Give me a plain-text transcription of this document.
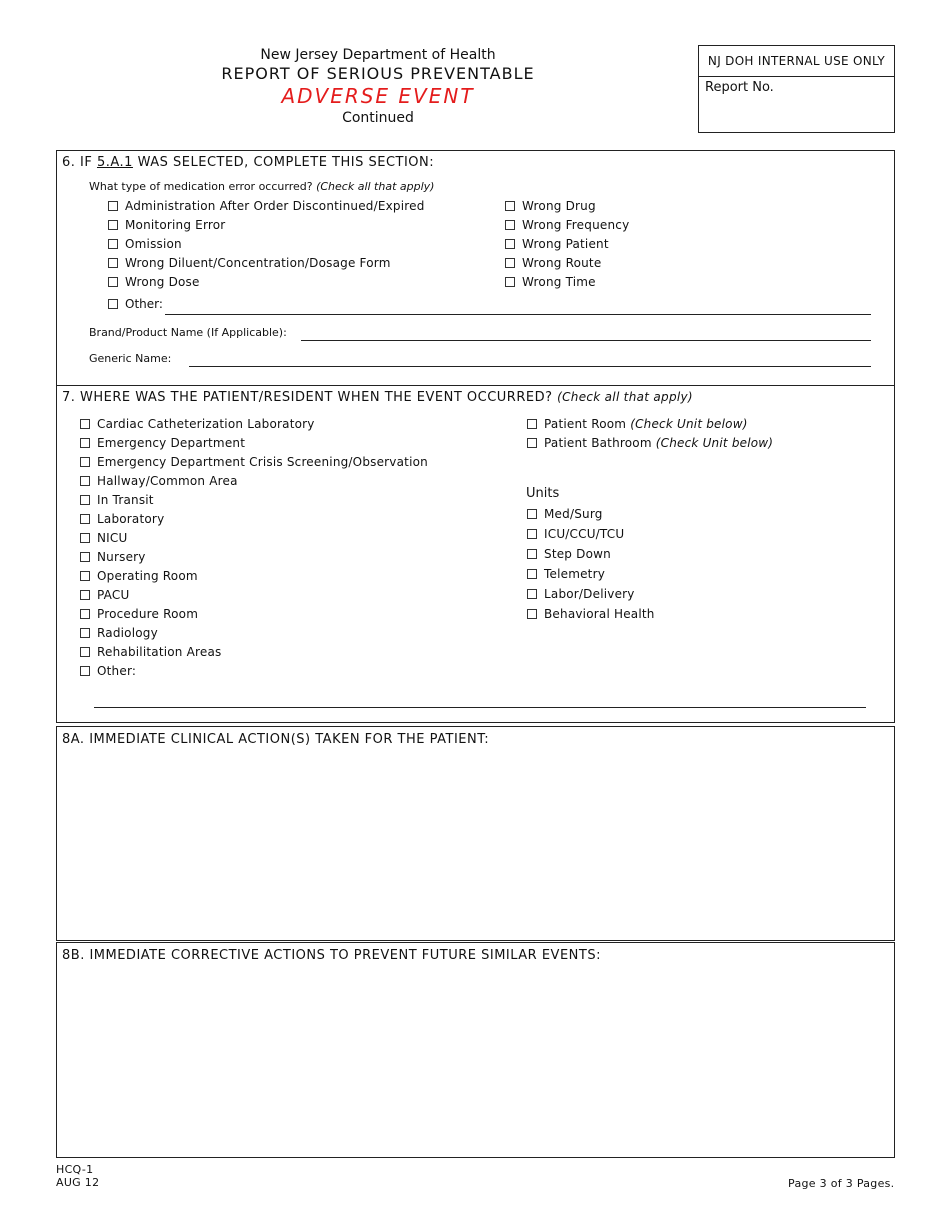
New Jersey Department of Health
REPORT OF SERIOUS PREVENTABLE
ADVERSE EVENT
Continued
NJ DOH INTERNAL USE ONLY
Report No.
6. IF 5.A.1 WAS SELECTED, COMPLETE THIS SECTION:
What type of medication error occurred? (Check all that apply)
Administration After Order Discontinued/Expired
Monitoring Error
Omission
Wrong Diluent/Concentration/Dosage Form
Wrong Dose
Wrong Drug
Wrong Frequency
Wrong Patient
Wrong Route
Wrong Time
Other:
Brand/Product Name (If Applicable):
Generic Name:
7. WHERE WAS THE PATIENT/RESIDENT WHEN THE EVENT OCCURRED? (Check all that apply)
Cardiac Catheterization Laboratory
Emergency Department
Emergency Department Crisis Screening/Observation
Hallway/Common Area
In Transit
Laboratory
NICU
Nursery
Operating Room
PACU
Procedure Room
Radiology
Rehabilitation Areas
Other:
Patient Room (Check Unit below)
Patient Bathroom (Check Unit below)
Units
Med/Surg
ICU/CCU/TCU
Step Down
Telemetry
Labor/Delivery
Behavioral Health
8A. IMMEDIATE CLINICAL ACTION(S) TAKEN FOR THE PATIENT:
8B. IMMEDIATE CORRECTIVE ACTIONS TO PREVENT FUTURE SIMILAR EVENTS:
HCQ-1
AUG 12	Page 3 of 3 Pages.
